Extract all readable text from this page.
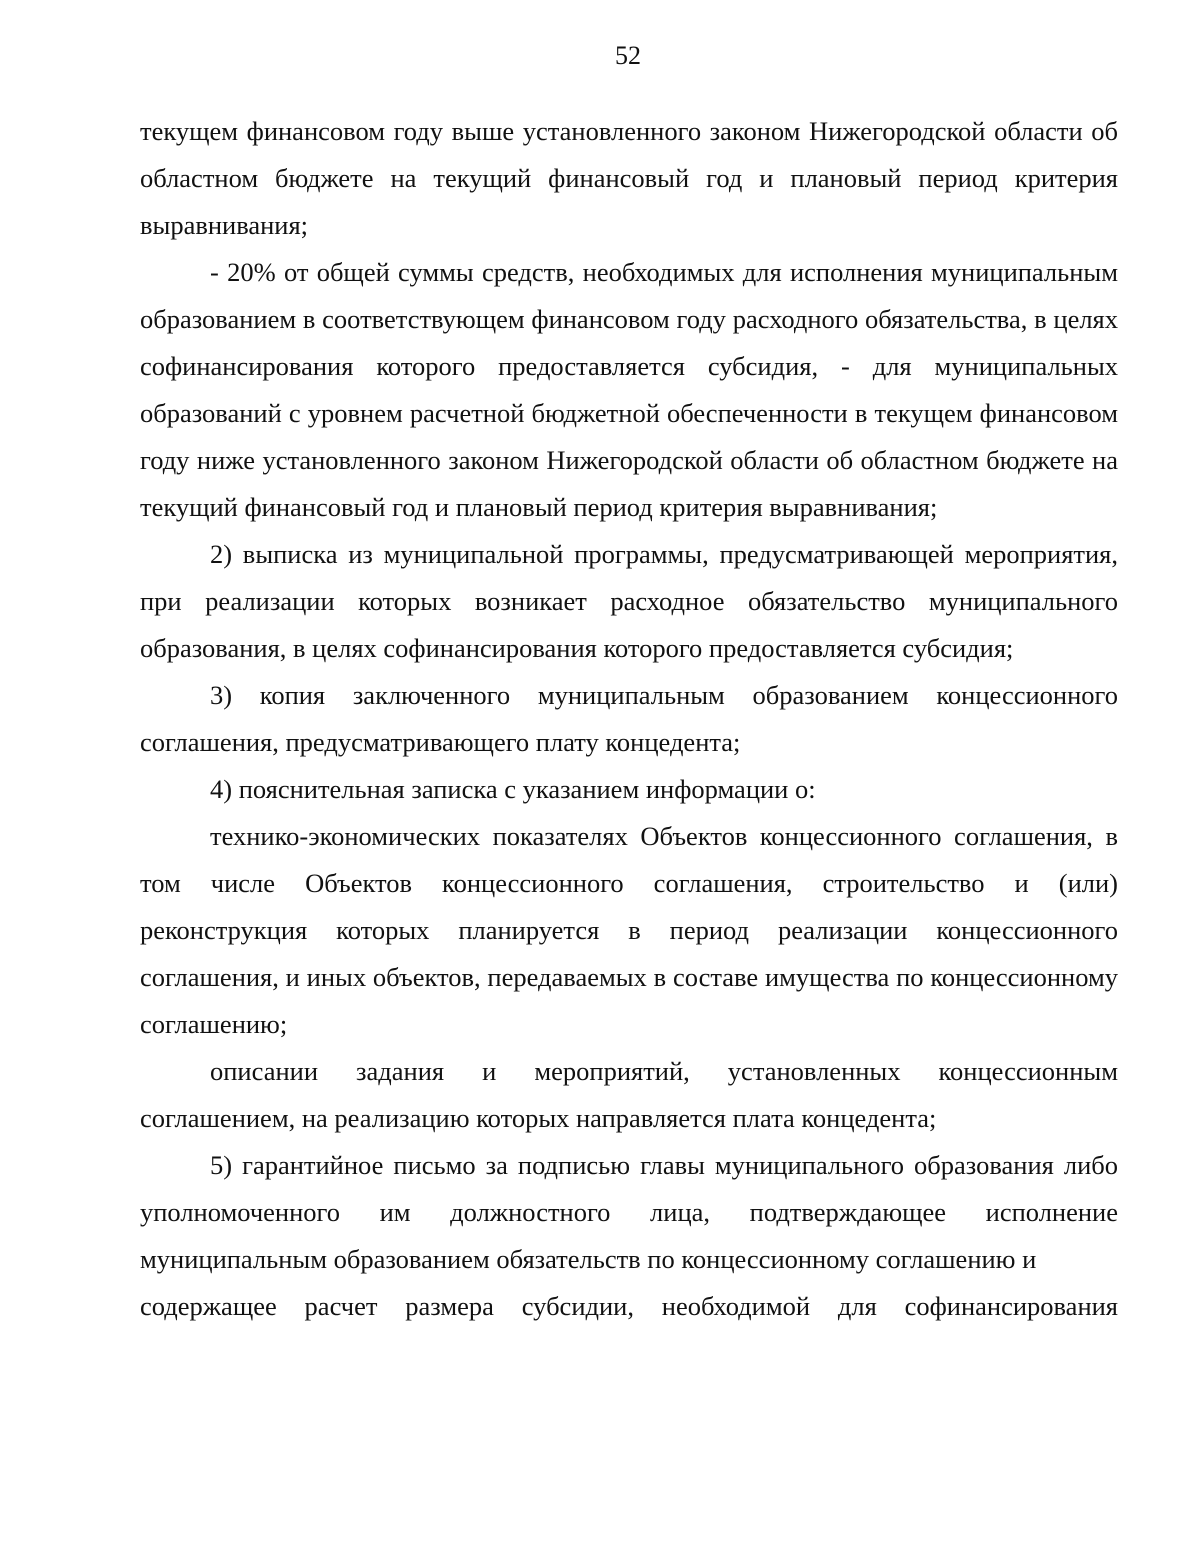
52

текущем финансовом году выше установленного законом Нижегородской области об областном бюджете на текущий финансовый год и плановый период критерия выравнивания;

- 20% от общей суммы средств, необходимых для исполнения муниципальным образованием в соответствующем финансовом году расходного обязательства, в целях софинансирования которого предоставляется субсидия, - для муниципальных образований с уровнем расчетной бюджетной обеспеченности в текущем финансовом году ниже установленного законом Нижегородской области об областном бюджете на текущий финансовый год и плановый период критерия выравнивания;

2) выписка из муниципальной программы, предусматривающей мероприятия, при реализации которых возникает расходное обязательство муниципального образования, в целях софинансирования которого предоставляется субсидия;

3) копия заключенного муниципальным образованием концессионного соглашения, предусматривающего плату концедента;

4) пояснительная записка с указанием информации о:

технико-экономических показателях Объектов концессионного соглашения, в том числе Объектов концессионного соглашения, строительство и (или) реконструкция которых планируется в период реализации концессионного соглашения, и иных объектов, передаваемых в составе имущества по концессионному соглашению;

описании задания и мероприятий, установленных концессионным соглашением, на реализацию которых направляется плата концедента;

5) гарантийное письмо за подписью главы муниципального образования либо уполномоченного им должностного лица, подтверждающее исполнение муниципальным образованием обязательств по концессионному соглашению и

содержащее расчет размера субсидии, необходимой для софинансирования
